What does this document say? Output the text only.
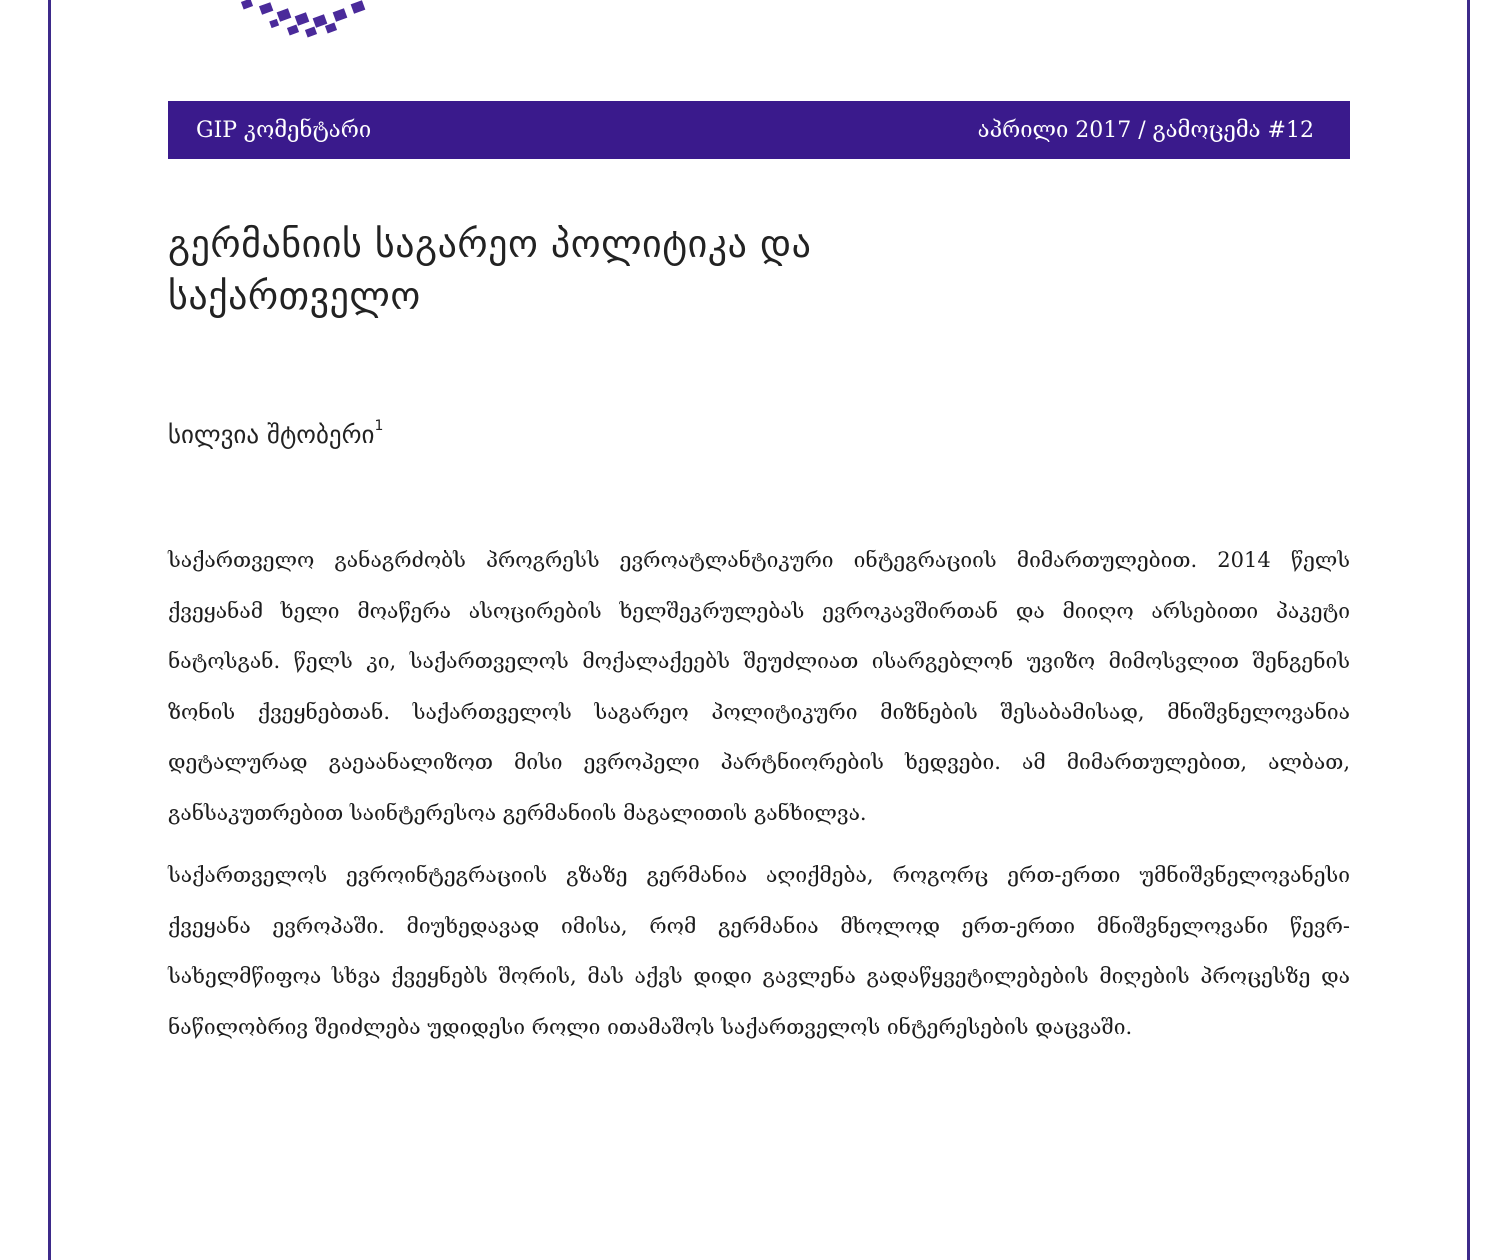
GIP კომენტარი	აპრილი 2017 / გამოცემა #12
გერმანიის საგარეო პოლიტიკა და
საქართველო
სილვია შტობერი$^1$

საქართველო განაგრძობს პროგრესს ევროატლანტიკური ინტეგრაციის მიმართულებით. 2014 წელს ქვეყანამ ხელი მოაწერა ასოცირების ხელშეკრულებას ევროკავშირთან და მიიღო არსებითი პაკეტი ნატოსგან. წელს კი, საქართველოს მოქალაქეებს შეუძლიათ ისარგებლონ უვიზო მიმოსვლით შენგენის ზონის ქვეყნებთან. საქართველოს საგარეო პოლიტიკური მიზნების შესაბამისად, მნიშვნელოვანია დეტალურად გაეაანალიზოთ მისი ევროპელი პარტნიორების ხედვები. ამ მიმართულებით, ალბათ, განსაკუთრებით საინტერესოა გერმანიის მაგალითის განხილვა.

საქართველოს ევროინტეგრაციის გზაზე გერმანია აღიქმება, როგორც ერთ-ერთი უმნიშვნელოვანესი ქვეყანა ევროპაში. მიუხედავად იმისა, რომ გერმანია მხოლოდ ერთ-ერთი მნიშვნელოვანი წევრ-სახელმწიფოა სხვა ქვეყნებს შორის, მას აქვს დიდი გავლენა გადაწყვეტილებების მიღების პროცესზე და ნაწილობრივ შეიძლება უდიდესი როლი ითამაშოს საქართველოს ინტერესების დაცვაში.
